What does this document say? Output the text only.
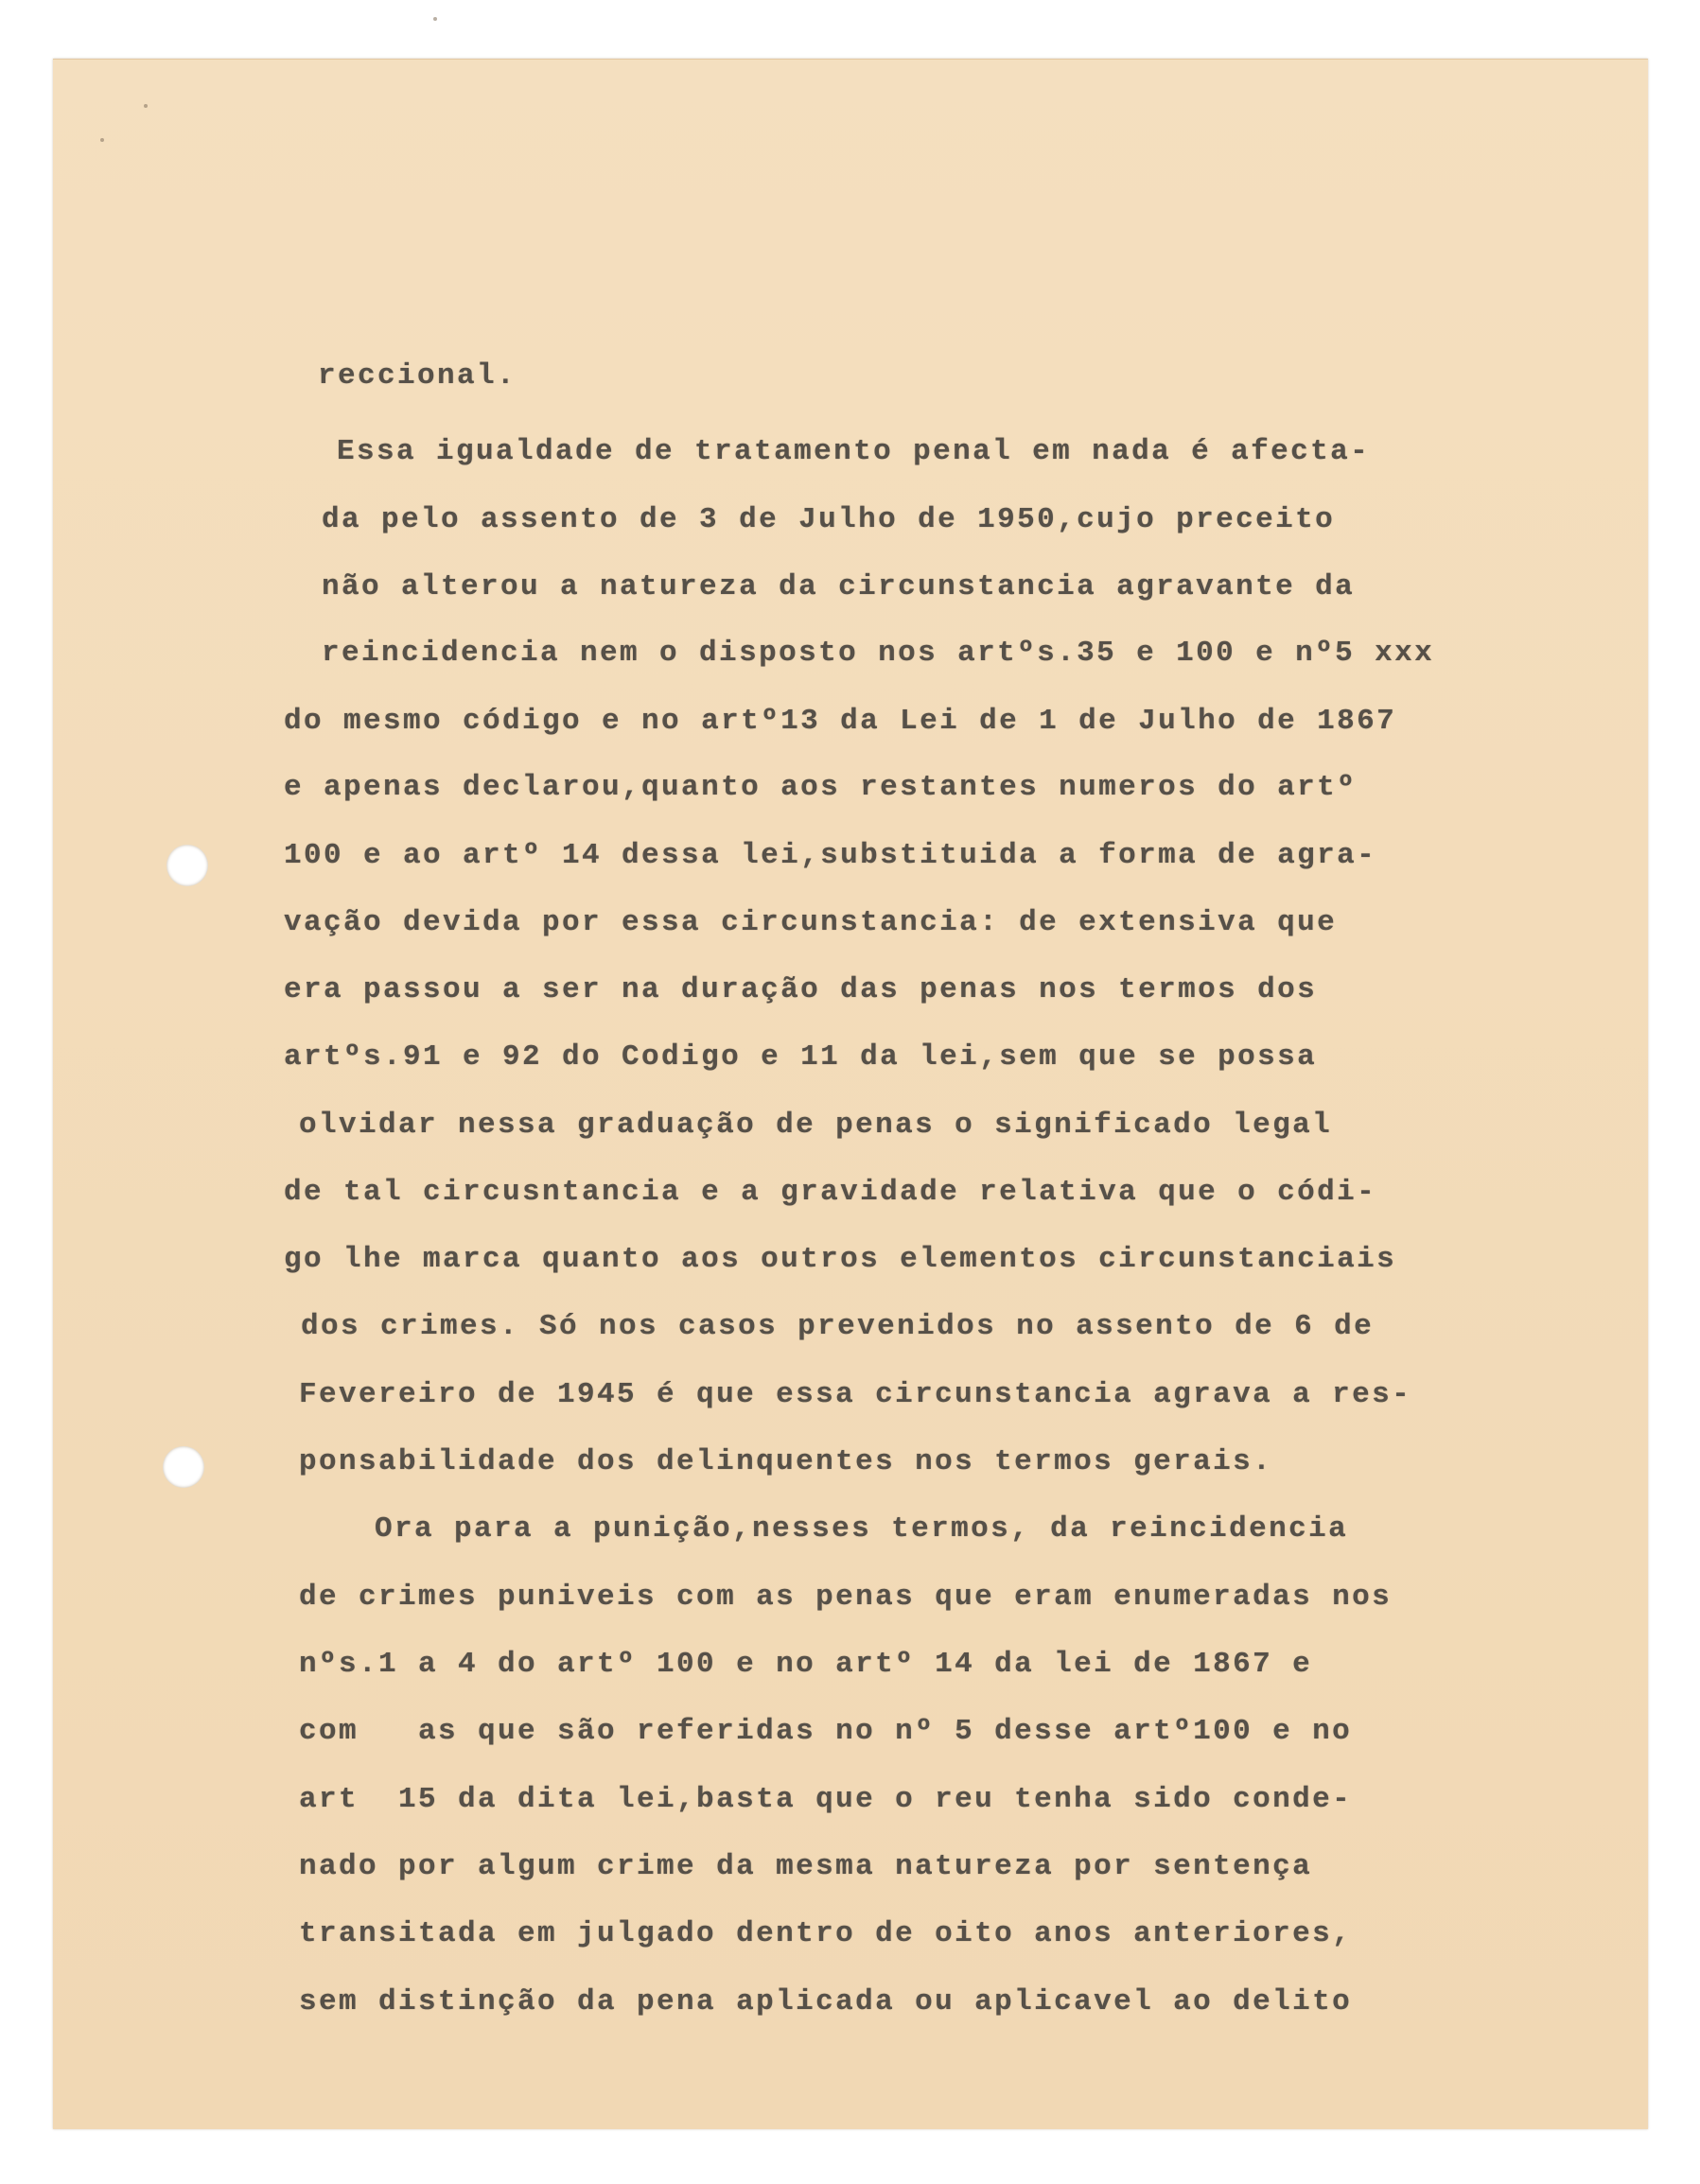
reccional.
Essa igualdade de tratamento penal em nada é afecta-
da pelo assento de 3 de Julho de 1950,cujo preceito
não alterou a natureza da circunstancia agravante da
reincidencia nem o disposto nos artºs.35 e 100 e nº5 xxx
do mesmo código e no artº13 da Lei de 1 de Julho de 1867
e apenas declarou,quanto aos restantes numeros do artº
100 e ao artº 14 dessa lei,substituida a forma de agra-
vação devida por essa circunstancia: de extensiva que
era passou a ser na duração das penas nos termos dos
artºs.91 e 92 do Codigo e 11 da lei,sem que se possa
olvidar nessa graduação de penas o significado legal
de tal circusntancia e a gravidade relativa que o códi-
go lhe marca quanto aos outros elementos circunstanciais
dos crimes. Só nos casos prevenidos no assento de 6 de
Fevereiro de 1945 é que essa circunstancia agrava a res-
ponsabilidade dos delinquentes nos termos gerais.
Ora para a punição,nesses termos, da reincidencia
de crimes puniveis com as penas que eram enumeradas nos
nºs.1 a 4 do artº 100 e no artº 14 da lei de 1867 e
com   as que são referidas no nº 5 desse artº100 e no
art  15 da dita lei,basta que o reu tenha sido conde-
nado por algum crime da mesma natureza por sentença
transitada em julgado dentro de oito anos anteriores,
sem distinção da pena aplicada ou aplicavel ao delito
